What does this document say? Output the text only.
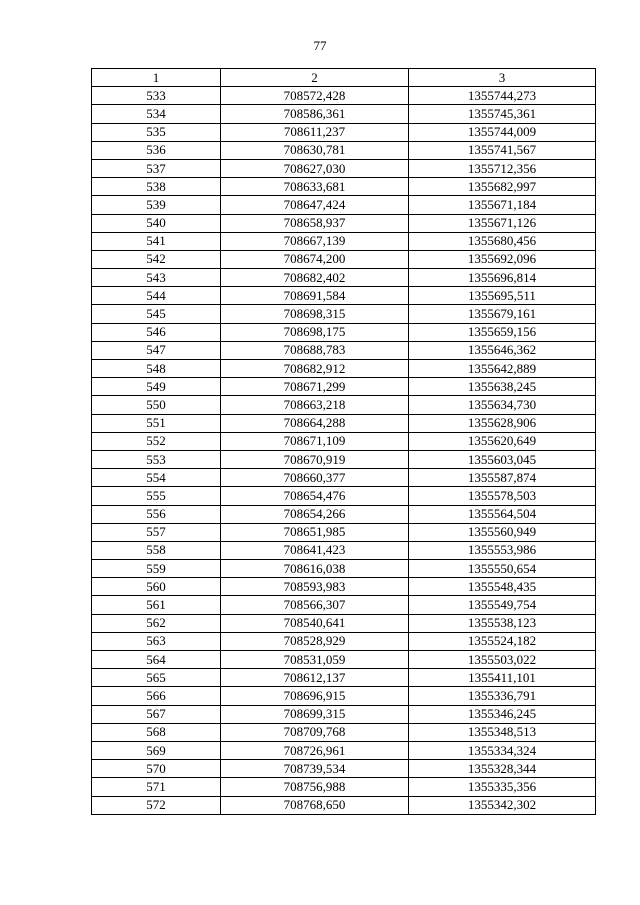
77
1	2	3
533	708572,428	1355744,273
534	708586,361	1355745,361
535	708611,237	1355744,009
536	708630,781	1355741,567
537	708627,030	1355712,356
538	708633,681	1355682,997
539	708647,424	1355671,184
540	708658,937	1355671,126
541	708667,139	1355680,456
542	708674,200	1355692,096
543	708682,402	1355696,814
544	708691,584	1355695,511
545	708698,315	1355679,161
546	708698,175	1355659,156
547	708688,783	1355646,362
548	708682,912	1355642,889
549	708671,299	1355638,245
550	708663,218	1355634,730
551	708664,288	1355628,906
552	708671,109	1355620,649
553	708670,919	1355603,045
554	708660,377	1355587,874
555	708654,476	1355578,503
556	708654,266	1355564,504
557	708651,985	1355560,949
558	708641,423	1355553,986
559	708616,038	1355550,654
560	708593,983	1355548,435
561	708566,307	1355549,754
562	708540,641	1355538,123
563	708528,929	1355524,182
564	708531,059	1355503,022
565	708612,137	1355411,101
566	708696,915	1355336,791
567	708699,315	1355346,245
568	708709,768	1355348,513
569	708726,961	1355334,324
570	708739,534	1355328,344
571	708756,988	1355335,356
572	708768,650	1355342,302
